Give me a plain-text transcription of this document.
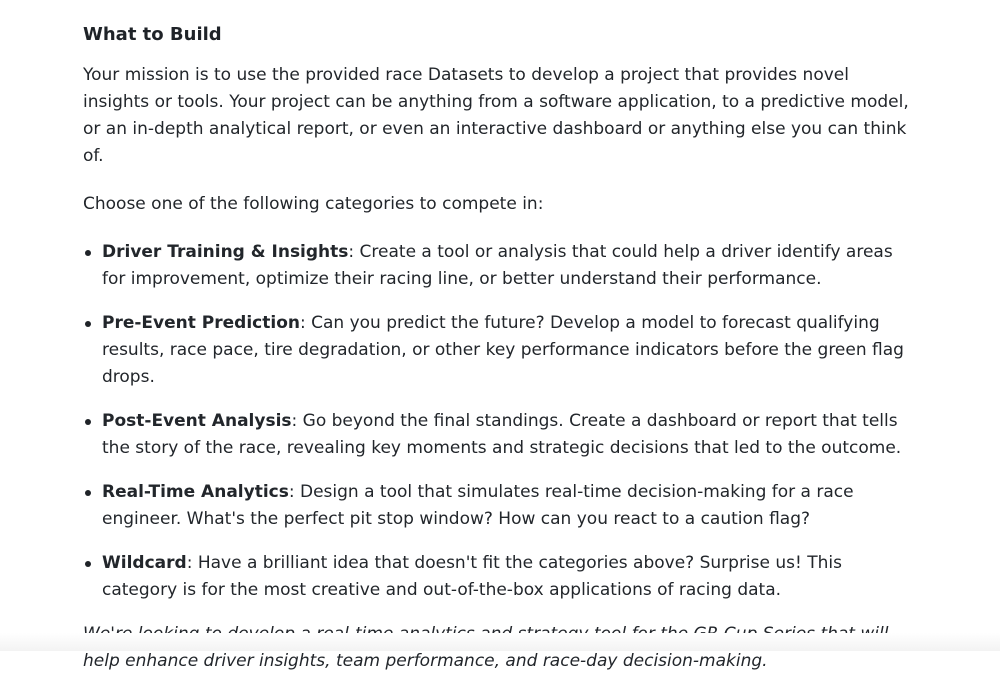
What to Build

Your mission is to use the provided race Datasets to develop a project that provides novel insights or tools. Your project can be anything from a software application, to a predictive model, or an in-depth analytical report, or even an interactive dashboard or anything else you can think of.

Choose one of the following categories to compete in:

Driver Training & Insights: Create a tool or analysis that could help a driver identify areas for improvement, optimize their racing line, or better understand their performance.
Pre-Event Prediction: Can you predict the future? Develop a model to forecast qualifying results, race pace, tire degradation, or other key performance indicators before the green flag drops.
Post-Event Analysis: Go beyond the final standings. Create a dashboard or report that tells the story of the race, revealing key moments and strategic decisions that led to the outcome.
Real-Time Analytics: Design a tool that simulates real-time decision-making for a race engineer. What's the perfect pit stop window? How can you react to a caution flag?
Wildcard: Have a brilliant idea that doesn't fit the categories above? Surprise us! This category is for the most creative and out-of-the-box applications of racing data.

help enhance driver insights, team performance, and race-day decision-making.
